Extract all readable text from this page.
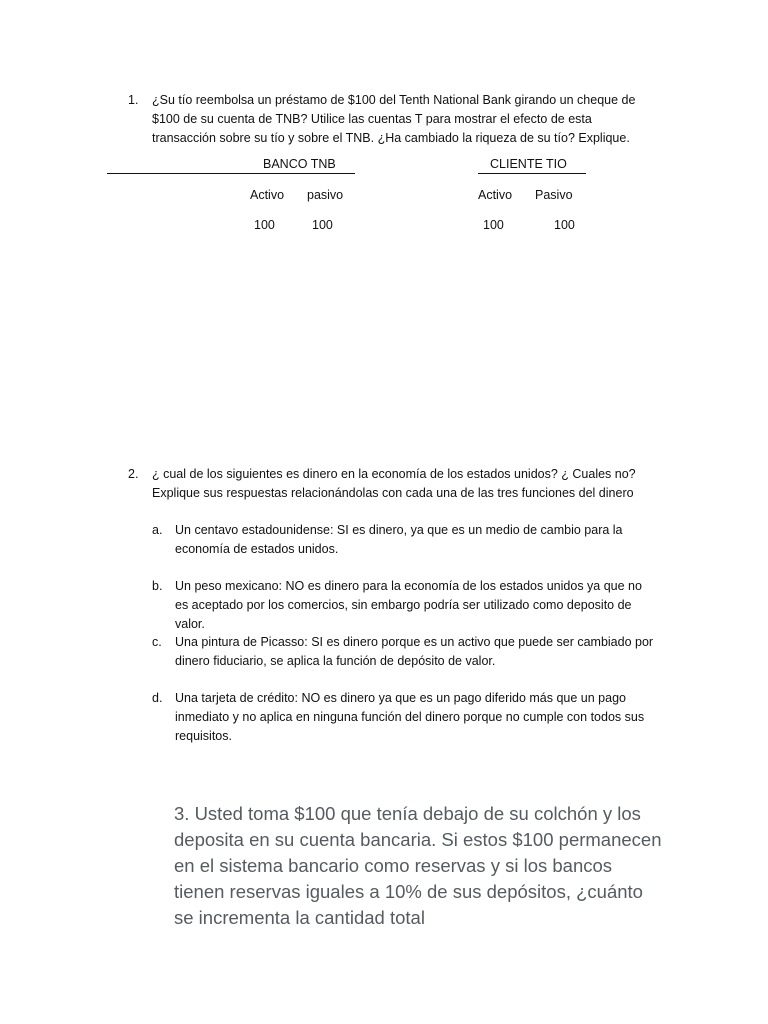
1. ¿Su tío reembolsa un préstamo de $100 del Tenth National Bank girando un cheque de $100 de su cuenta de TNB? Utilice las cuentas T para mostrar el efecto de esta transacción sobre su tío y sobre el TNB. ¿Ha cambiado la riqueza de su tío? Explique.
BANCO TNB
Activo pasivo
100	100
CLIENTE TIO
Activo Pasivo
100	100
2. ¿ cual de los siguientes es dinero en la economía de los estados unidos? ¿ Cuales no? Explique sus respuestas relacionándolas con cada una de las tres funciones del dinero
a. Un centavo estadounidense: SI es dinero, ya que es un medio de cambio para la economía de estados unidos.
b. Un peso mexicano: NO es dinero para la economía de los estados unidos ya que no es aceptado por los comercios, sin embargo podría ser utilizado como deposito de valor.
c. Una pintura de Picasso: SI es dinero porque es un activo que puede ser cambiado por dinero fiduciario, se aplica la función de depósito de valor.
d. Una tarjeta de crédito: NO es dinero ya que es un pago diferido más que un pago inmediato y no aplica en ninguna función del dinero porque no cumple con todos sus requisitos.
3. Usted toma $100 que tenía debajo de su colchón y los deposita en su cuenta bancaria. Si estos $100 permanecen en el sistema bancario como reservas y si los bancos tienen reservas iguales a 10% de sus depósitos, ¿cuánto se incrementa la cantidad total
